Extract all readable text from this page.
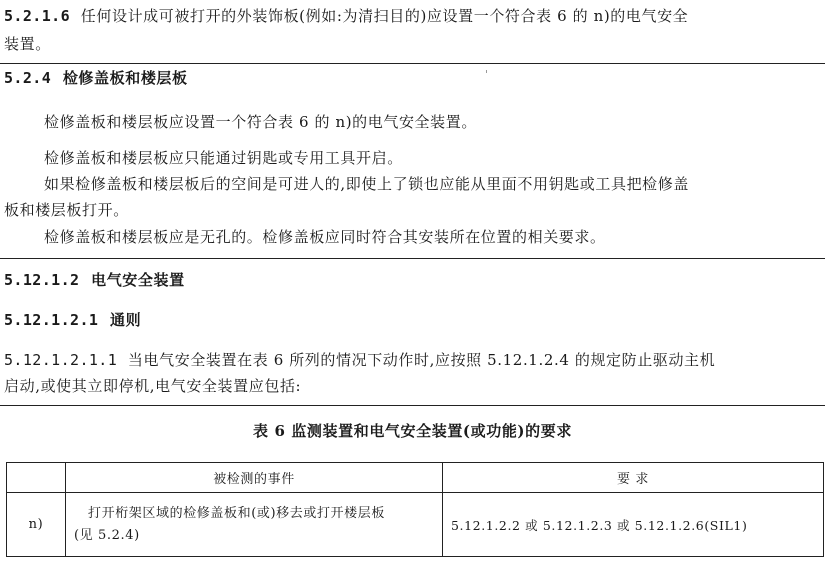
5.2.1.6 任何设计成可被打开的外装饰板(例如:为清扫目的)应设置一个符合表 6 的 n)的电气安全

装置。

5.2.4 检修盖板和楼层板

检修盖板和楼层板应设置一个符合表 6 的 n)的电气安全装置。

检修盖板和楼层板应只能通过钥匙或专用工具开启。

如果检修盖板和楼层板后的空间是可进人的,即使上了锁也应能从里面不用钥匙或工具把检修盖

板和楼层板打开。

检修盖板和楼层板应是无孔的。检修盖板应同时符合其安装所在位置的相关要求。

5.12.1.2 电气安全装置

5.12.1.2.1 通则

5.12.1.2.1.1 当电气安全装置在表 6 所列的情况下动作时,应按照 5.12.1.2.4 的规定防止驱动主机

启动,或使其立即停机,电气安全装置应包括:

表 6 监测装置和电气安全装置(或功能)的要求

	被检测的事件	要 求
n)	打开桁架区域的检修盖板和(或)移去或打开楼层板
(见 5.2.4)	5.12.1.2.2 或 5.12.1.2.3 或 5.12.1.2.6(SIL1)
